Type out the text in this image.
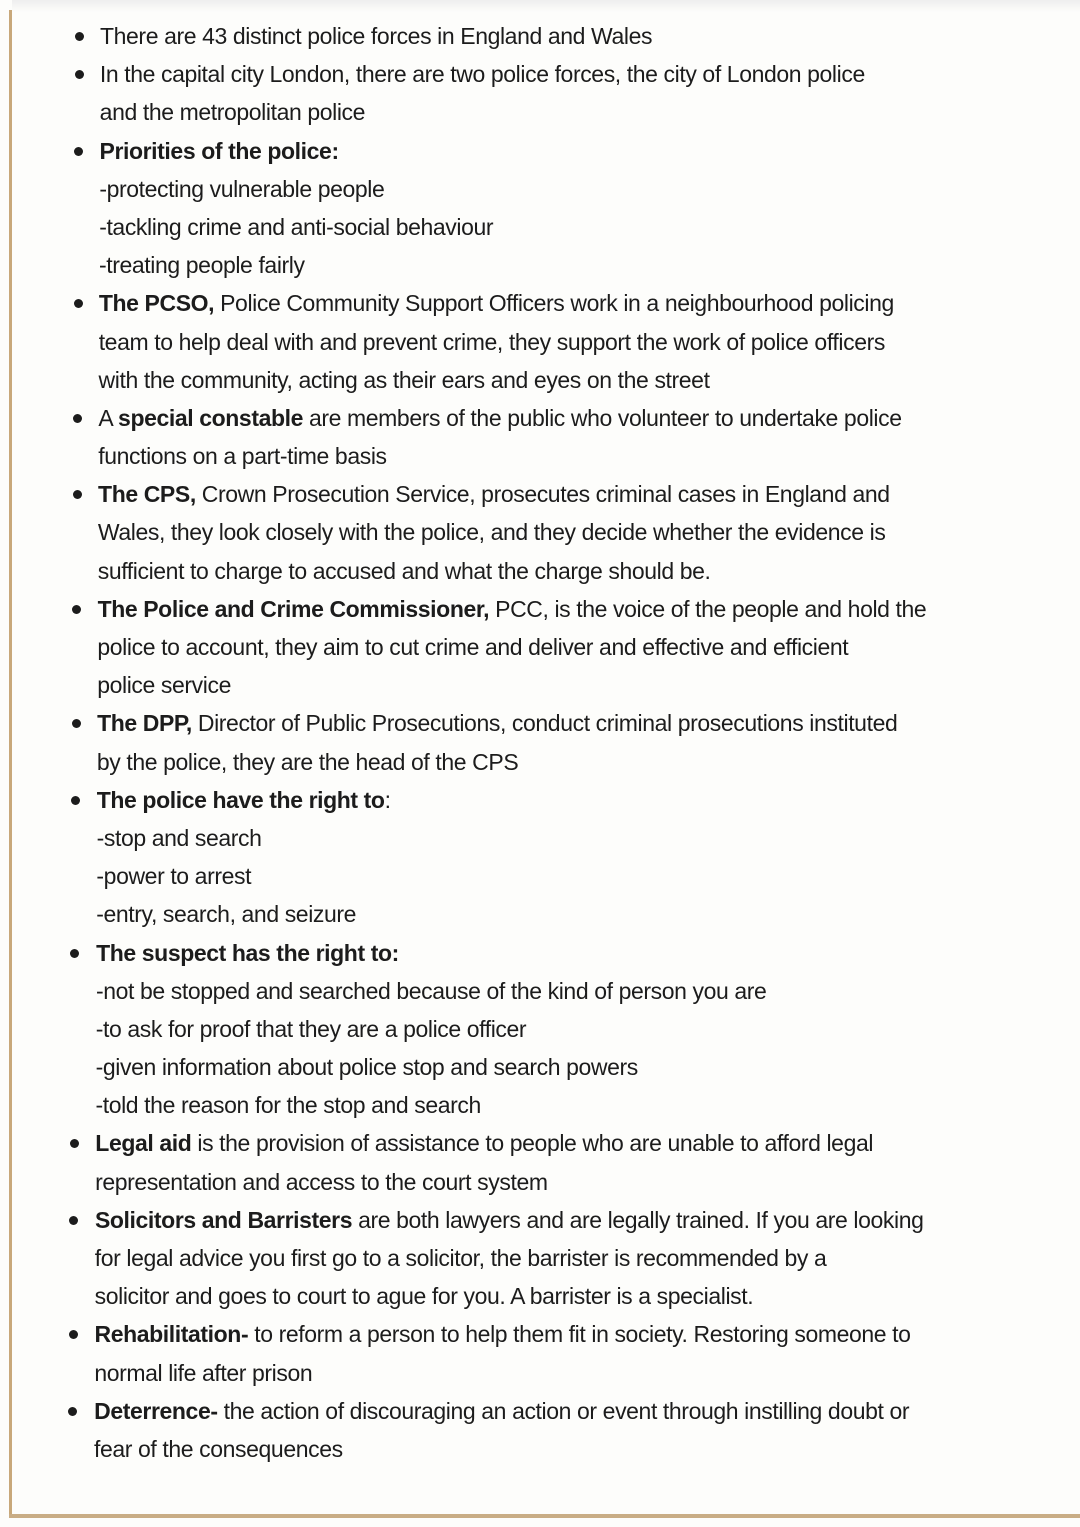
There are 43 distinct police forces in England and Wales
In the capital city London, there are two police forces, the city of London police
and the metropolitan police
Priorities of the police:
-protecting vulnerable people
-tackling crime and anti-social behaviour
-treating people fairly
The PCSO, Police Community Support Officers work in a neighbourhood policing
team to help deal with and prevent crime, they support the work of police officers
with the community, acting as their ears and eyes on the street
A special constable are members of the public who volunteer to undertake police
functions on a part-time basis
The CPS, Crown Prosecution Service, prosecutes criminal cases in England and
Wales, they look closely with the police, and they decide whether the evidence is
sufficient to charge to accused and what the charge should be.
The Police and Crime Commissioner, PCC, is the voice of the people and hold the
police to account, they aim to cut crime and deliver and effective and efficient
police service
The DPP, Director of Public Prosecutions, conduct criminal prosecutions instituted
by the police, they are the head of the CPS
The police have the right to:
-stop and search
-power to arrest
-entry, search, and seizure
The suspect has the right to:
-not be stopped and searched because of the kind of person you are
-to ask for proof that they are a police officer
-given information about police stop and search powers
-told the reason for the stop and search
Legal aid is the provision of assistance to people who are unable to afford legal
representation and access to the court system
Solicitors and Barristers are both lawyers and are legally trained. If you are looking
for legal advice you first go to a solicitor, the barrister is recommended by a
solicitor and goes to court to ague for you. A barrister is a specialist.
Rehabilitation- to reform a person to help them fit in society. Restoring someone to
normal life after prison
Deterrence- the action of discouraging an action or event through instilling doubt or
fear of the consequences
